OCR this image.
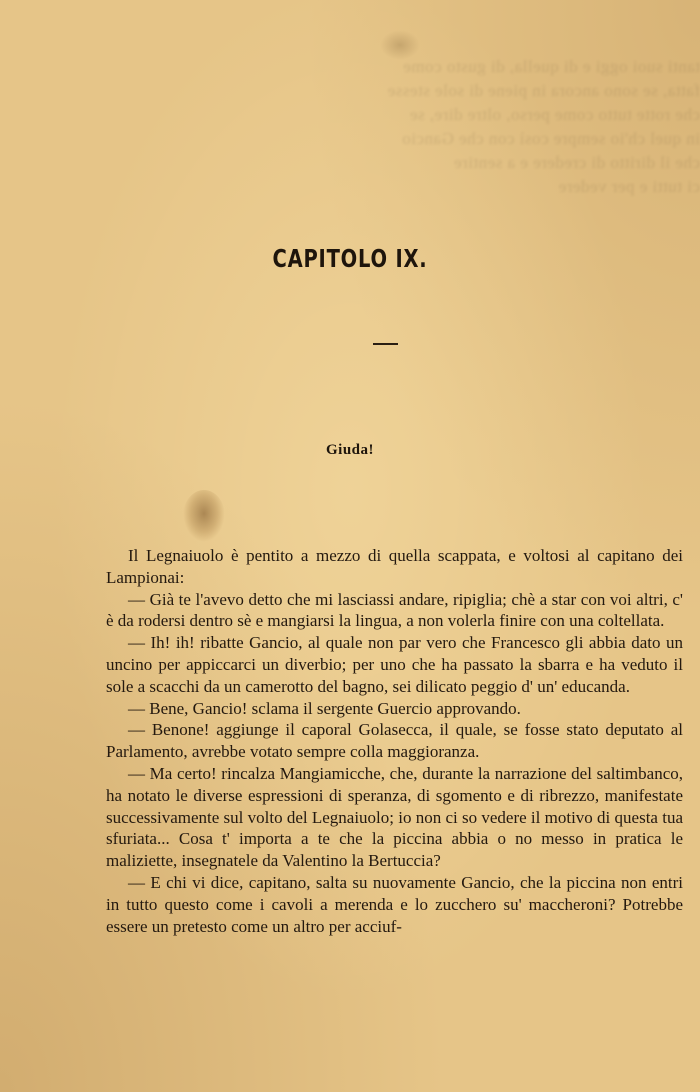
tanti suoi oggi e di quella, di gusto come
fatta, se sono ancora in piene di sole stesse
che rotte tutto come perso, oltre dire, se
in quel ch'io sempre così con che Gancio
che il diritto di credere e a sentire
ci tutti e per vedere
CAPITOLO IX.
Giuda!

Il Legnaiuolo è pentito a mezzo di quella scappata, e voltosi al capitano dei Lampionai:

— Già te l'avevo detto che mi lasciassi andare, ripiglia; chè a star con voi altri, c' è da rodersi dentro sè e mangiarsi la lingua, a non volerla finire con una coltellata.

— Ih! ih! ribatte Gancio, al quale non par vero che Francesco gli abbia dato un uncino per appiccarci un diverbio; per uno che ha passato la sbarra e ha veduto il sole a scacchi da un camerotto del bagno, sei dilicato peggio d' un' educanda.

— Bene, Gancio! sclama il sergente Guercio approvando.

— Benone! aggiunge il caporal Golasecca, il quale, se fosse stato deputato al Parlamento, avrebbe votato sempre colla maggioranza.

— Ma certo! rincalza Mangiamicche, che, durante la narrazione del saltimbanco, ha notato le diverse espressioni di speranza, di sgomento e di ribrezzo, manifestate successivamente sul volto del Legnaiuolo; io non ci so vedere il motivo di questa tua sfuriata... Cosa t' importa a te che la piccina abbia o no messo in pratica le maliziette, insegnatele da Valentino la Bertuccia?

— E chi vi dice, capitano, salta su nuovamente Gancio, che la piccina non entri in tutto questo come i cavoli a merenda e lo zucchero su' maccheroni? Potrebbe essere un pretesto come un altro per acciuf-
